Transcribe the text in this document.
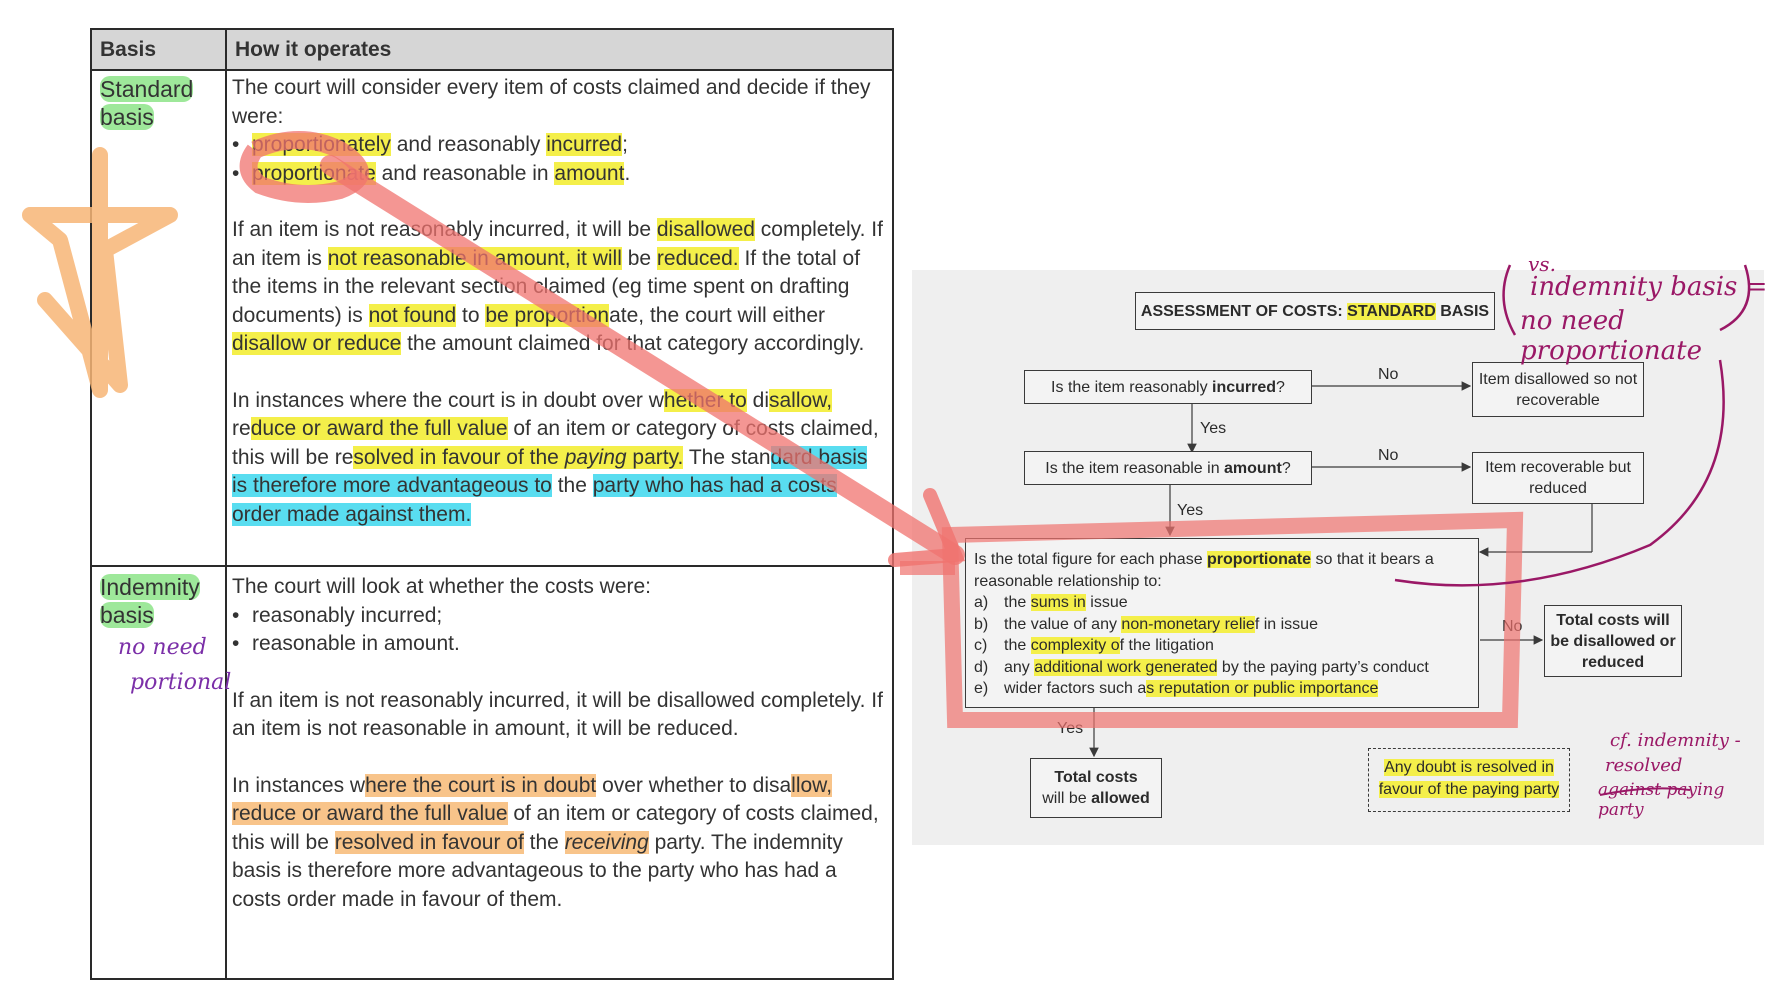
Basis	How it operates
Standard
basis

The court will consider every item of costs claimed and decide if they were:

• proportionately and reasonably incurred;
• proportionate and reasonable in amount.

If an item is not reasonably incurred, it will be disallowed completely. If an item is not reasonable in amount, it will be reduced. If the total of the items in the relevant section claimed (eg time spent on drafting documents) is not found to be proportionate, the court will either disallow or reduce the amount claimed for that category accordingly.

In instances where the court is in doubt over whether to disallow, reduce or award the full value of an item or category of costs claimed, this will be resolved in favour of the paying party. The standard basis is therefore more advantageous to the party who has had a costs order made against them.

Indemnity
basis

The court will look at whether the costs were:

• reasonably incurred;
• reasonable in amount.

If an item is not reasonably incurred, it will be disallowed completely. If an item is not reasonable in amount, it will be reduced.

In instances where the court is in doubt over whether to disallow, reduce or award the full value of an item or category of costs claimed, this will be resolved in favour of the receiving party. The indemnity basis is therefore more advantageous to the party who has had a costs order made in favour of them.

ASSESSMENT OF COSTS: STANDARD BASIS
Is the item reasonably incurred?
No
Yes
Item disallowed so not recoverable
Is the item reasonable in amount?
No
Yes
Item recoverable but reduced
Is the total figure for each phase proportionate so that it bears a reasonable relationship to:
a) the sums in issue
b) the value of any non-monetary relief in issue
c)	the complexity of the litigation
d) any additional work generated by the paying party’s conduct
e) wider factors such as reputation or public importance
No
Yes
Total costs will be disallowed or reduced
Total costs
will be allowed
Any doubt is resolved in favour of the paying party
vs.
indemnity basis =
no need proportionate
no need
portional
cf. indemnity -
resolved
against paying party
